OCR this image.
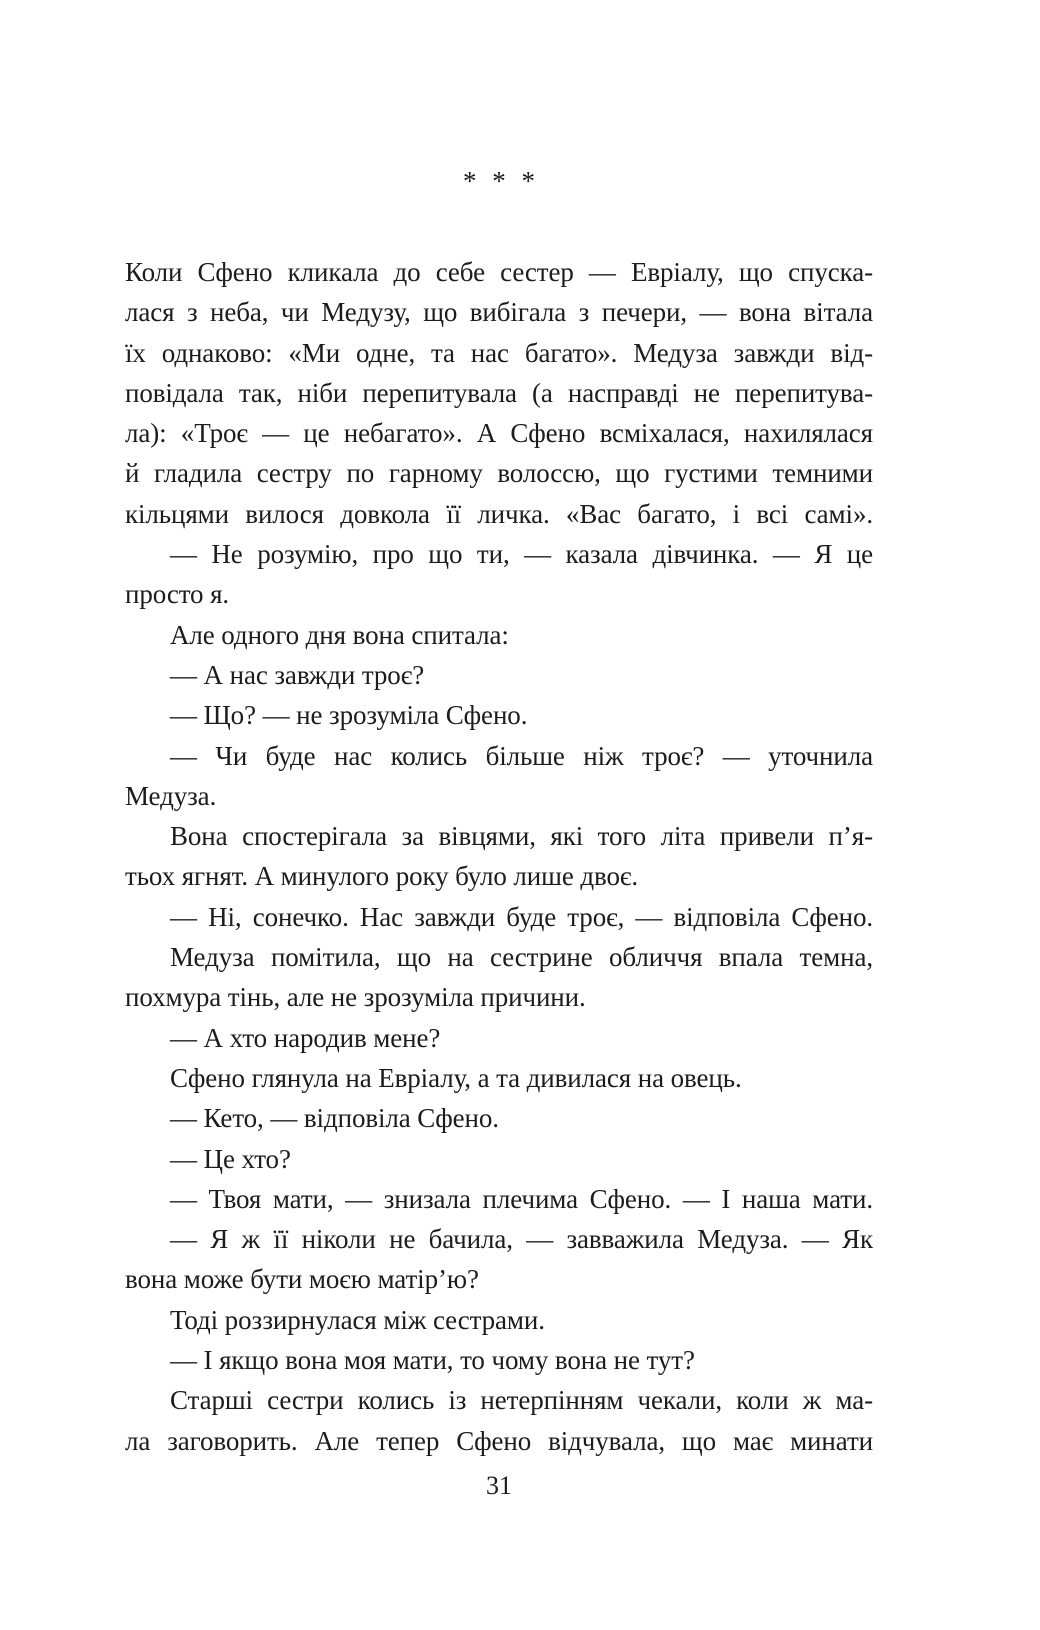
* * *

Коли Сфено кликала до себе сестер — Евріалу, що спуска-
лася з неба, чи Медузу, що вибігала з печери, — вона вітала
їх однаково: «Ми одне, та нас багато». Медуза завжди від-
повідала так, ніби перепитувала (а насправді не перепитува-
ла): «Троє — це небагато». А Сфено всміхалася, нахилялася
й гладила сестру по гарному волоссю, що густими темними
кільцями вилося довкола її личка. «Вас багато, і всі самі».

— Не розумію, про що ти, — казала дівчинка. — Я це
просто я.

Але одного дня вона спитала:

— А нас завжди троє?

— Що? — не зрозуміла Сфено.

— Чи буде нас колись більше ніж троє? — уточнила
Медуза.

Вона спостерігала за вівцями, які того літа привели п’я-
тьох ягнят. А минулого року було лише двоє.

— Ні, сонечко. Нас завжди буде троє, — відповіла Сфено.

Медуза помітила, що на сестрине обличчя впала темна,
похмура тінь, але не зрозуміла причини.

— А хто народив мене?

Сфено глянула на Евріалу, а та дивилася на овець.

— Кето, — відповіла Сфено.

— Це хто?

— Твоя мати, — знизала плечима Сфено. — І наша мати.

— Я ж її ніколи не бачила, — завважила Медуза. — Як
вона може бути моєю матір’ю?

Тоді роззирнулася між сестрами.

— І якщо вона моя мати, то чому вона не тут?

Старші сестри колись із нетерпінням чекали, коли ж ма-
ла заговорить. Але тепер Сфено відчувала, що має минати

31
